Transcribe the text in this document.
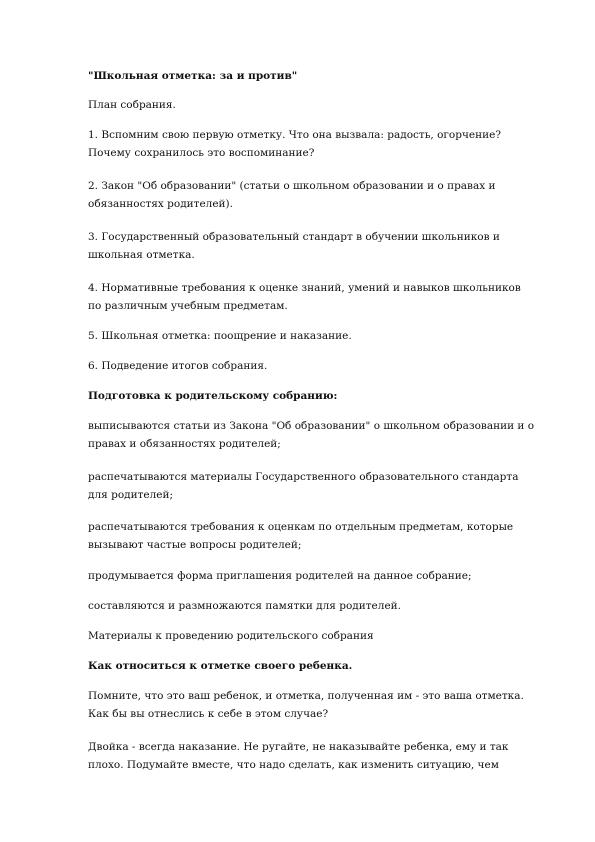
"Школьная отметка: за и против"
План собрания.
1. Вспомним свою первую отметку. Что она вызвала: радость, огорчение?
Почему сохранилось это воспоминание?
2. Закон "Об образовании" (статьи о школьном образовании и о правах и
обязанностях родителей).
3. Государственный образовательный стандарт в обучении школьников и
школьная отметка.
4. Нормативные требования к оценке знаний, умений и навыков школьников
по различным учебным предметам.
5. Школьная отметка: поощрение и наказание.
6. Подведение итогов собрания.
Подготовка к родительскому собранию:
выписываются статьи из Закона "Об образовании" о школьном образовании и о
правах и обязанностях родителей;
распечатываются материалы Государственного образовательного стандарта
для родителей;
распечатываются требования к оценкам по отдельным предметам, которые
вызывают частые вопросы родителей;
продумывается форма приглашения родителей на данное собрание;
составляются и размножаются памятки для родителей.
Материалы к проведению родительского собрания
Как относиться к отметке своего ребенка.
Помните, что это ваш ребенок, и отметка, полученная им - это ваша отметка.
Как бы вы отнеслись к себе в этом случае?
Двойка - всегда наказание. Не ругайте, не наказывайте ребенка, ему и так
плохо. Подумайте вместе, что надо сделать, как изменить ситуацию, чем
